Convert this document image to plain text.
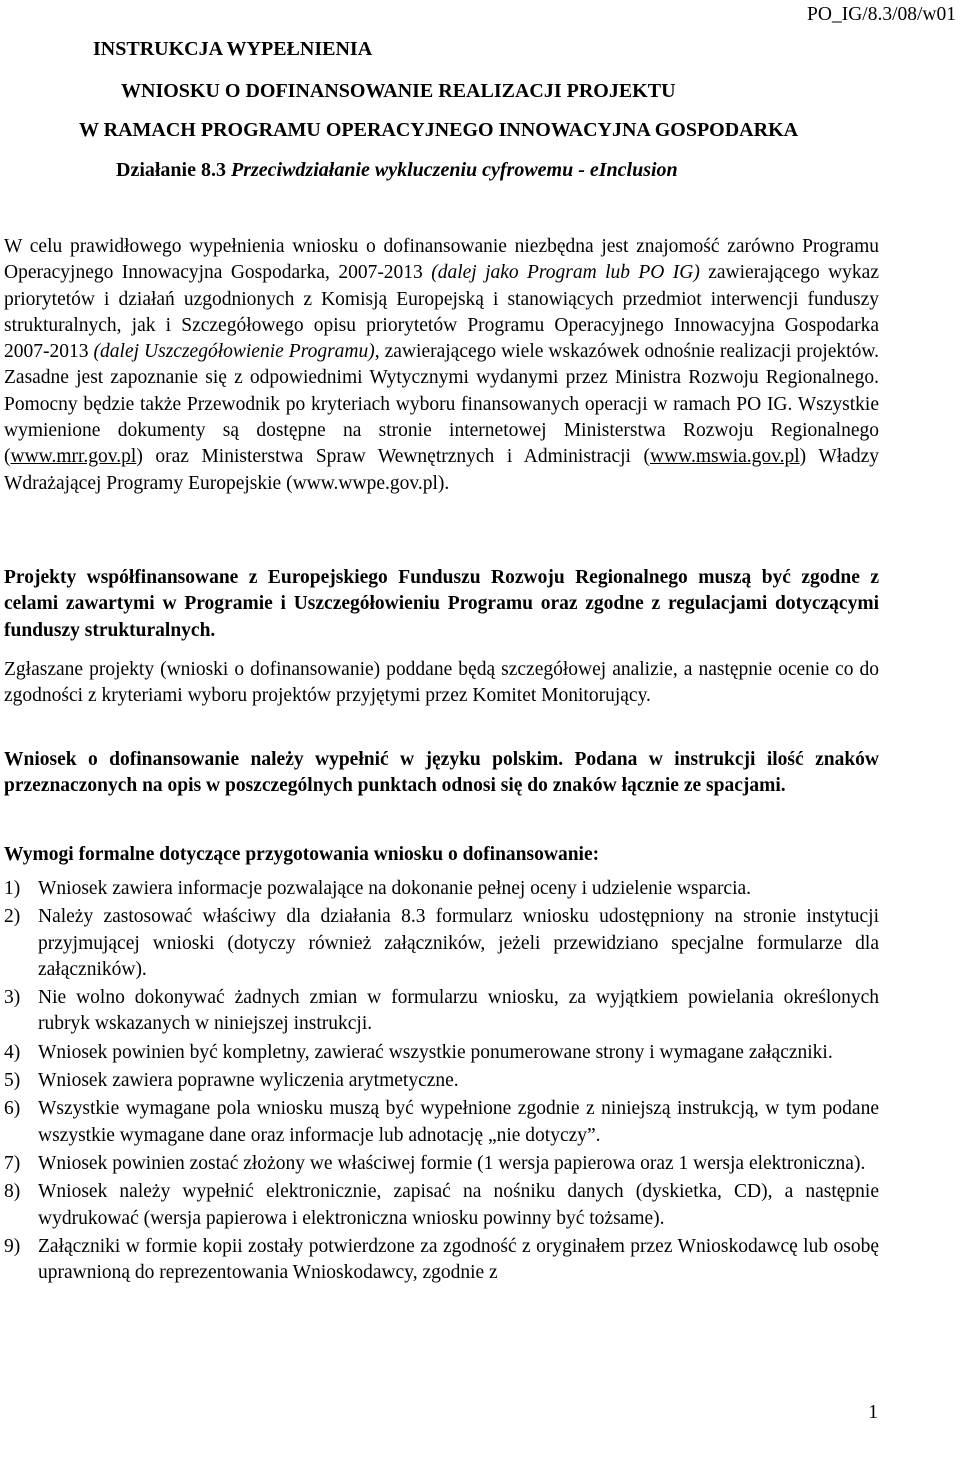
PO_IG/8.3/08/w01
INSTRUKCJA WYPEŁNIENIA
WNIOSKU O DOFINANSOWANIE REALIZACJI PROJEKTU
W RAMACH PROGRAMU OPERACYJNEGO INNOWACYJNA GOSPODARKA
Działanie 8.3 Przeciwdziałanie wykluczeniu cyfrowemu - eInclusion

W celu prawidłowego wypełnienia wniosku o dofinansowanie niezbędna jest znajomość zarówno Programu Operacyjnego Innowacyjna Gospodarka, 2007-2013 (dalej jako Program lub PO IG) zawierającego wykaz priorytetów i działań uzgodnionych z Komisją Europejską i stanowiących przedmiot interwencji funduszy strukturalnych, jak i Szczegółowego opisu priorytetów Programu Operacyjnego Innowacyjna Gospodarka 2007-2013 (dalej Uszczegółowienie Programu), zawierającego wiele wskazówek odnośnie realizacji projektów. Zasadne jest zapoznanie się z odpowiednimi Wytycznymi wydanymi przez Ministra Rozwoju Regionalnego. Pomocny będzie także Przewodnik po kryteriach wyboru finansowanych operacji w ramach PO IG. Wszystkie wymienione dokumenty są dostępne na stronie internetowej Ministerstwa Rozwoju Regionalnego (www.mrr.gov.pl) oraz Ministerstwa Spraw Wewnętrznych i Administracji (www.mswia.gov.pl) Władzy Wdrażającej Programy Europejskie (www.wwpe.gov.pl).

Projekty współfinansowane z Europejskiego Funduszu Rozwoju Regionalnego muszą być zgodne z celami zawartymi w Programie i Uszczegółowieniu Programu oraz zgodne z regulacjami dotyczącymi funduszy strukturalnych.

Zgłaszane projekty (wnioski o dofinansowanie) poddane będą szczegółowej analizie, a następnie ocenie co do zgodności z kryteriami wyboru projektów przyjętymi przez Komitet Monitorujący.

Wniosek o dofinansowanie należy wypełnić w języku polskim. Podana w instrukcji ilość znaków przeznaczonych na opis w poszczególnych punktach odnosi się do znaków łącznie ze spacjami.

Wymogi formalne dotyczące przygotowania wniosku o dofinansowanie:
1) Wniosek zawiera informacje pozwalające na dokonanie pełnej oceny i udzielenie wsparcia.
2) Należy zastosować właściwy dla działania 8.3 formularz wniosku udostępniony na stronie instytucji przyjmującej wnioski (dotyczy również załączników, jeżeli przewidziano specjalne formularze dla załączników).
3) Nie wolno dokonywać żadnych zmian w formularzu wniosku, za wyjątkiem powielania określonych rubryk wskazanych w niniejszej instrukcji.
4) Wniosek powinien być kompletny, zawierać wszystkie ponumerowane strony i wymagane załączniki.
5) Wniosek zawiera poprawne wyliczenia arytmetyczne.
6) Wszystkie wymagane pola wniosku muszą być wypełnione zgodnie z niniejszą instrukcją, w tym podane wszystkie wymagane dane oraz informacje lub adnotację „nie dotyczy”.
7) Wniosek powinien zostać złożony we właściwej formie (1 wersja papierowa oraz 1 wersja elektroniczna).
8) Wniosek należy wypełnić elektronicznie, zapisać na nośniku danych (dyskietka, CD), a następnie wydrukować (wersja papierowa i elektroniczna wniosku powinny być tożsame).
9) Załączniki w formie kopii zostały potwierdzone za zgodność z oryginałem przez Wnioskodawcę lub osobę uprawnioną do reprezentowania Wnioskodawcy, zgodnie z
1
